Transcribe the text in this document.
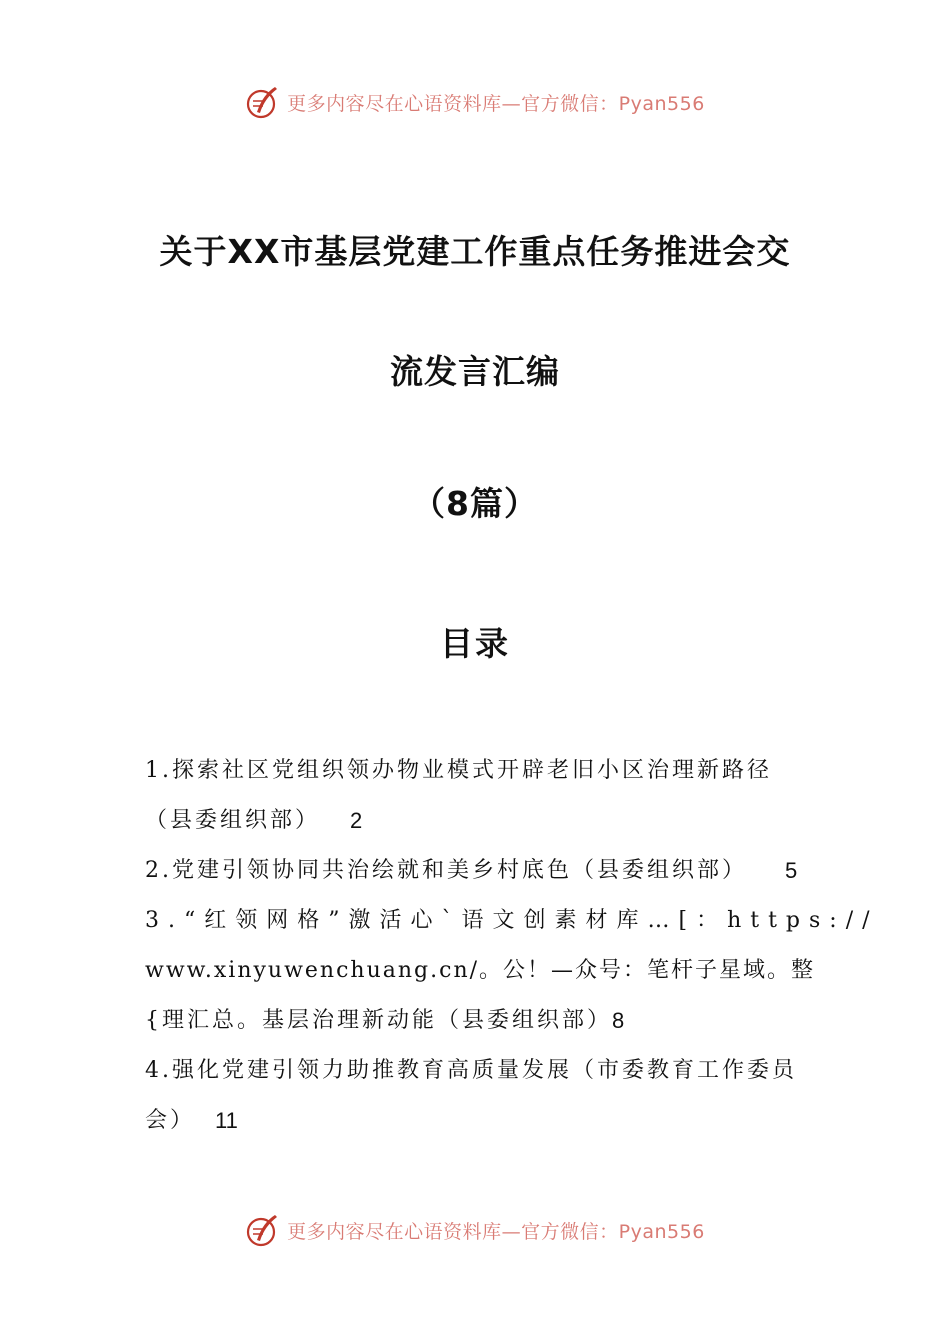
更多内容尽在心语资料库—官方微信：Pyan556
关于XX市基层党建工作重点任务推进会交
流发言汇编
（8篇）
目录
1.探索社区党组织领办物业模式开辟老旧小区治理新路径
（县委组织部） 2
2.党建引领协同共治绘就和美乡村底色（县委组织部） 5
3.“红领网格”激活心`语文创素材库…[：https://
www.xinyuwenchuang.cn/。公！—众号：笔杆子星域。整
{理汇总。基层治理新动能（县委组织部） 8
4.强化党建引领力助推教育高质量发展（市委教育工作委员
会） 11
更多内容尽在心语资料库—官方微信：Pyan556
